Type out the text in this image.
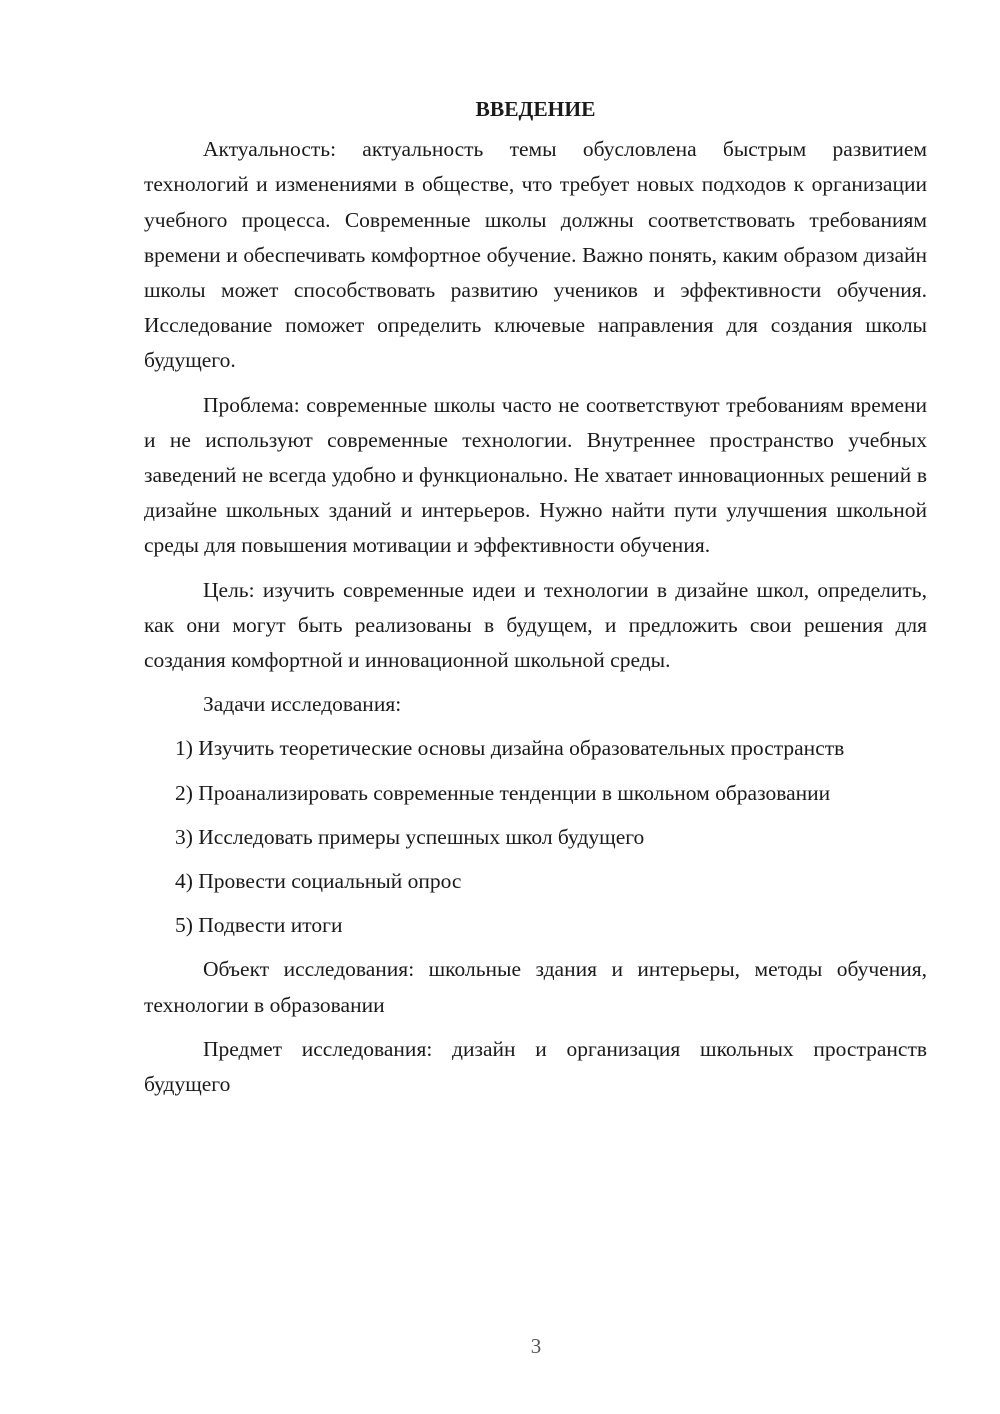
ВВЕДЕНИЕ

Актуальность: актуальность темы обусловлена быстрым развитием технологий и изменениями в обществе, что требует новых подходов к организации учебного процесса. Современные школы должны соответствовать требованиям времени и обеспечивать комфортное обучение. Важно понять, каким образом дизайн школы может способствовать развитию учеников и эффективности обучения. Исследование поможет определить ключевые направления для создания школы будущего.

Проблема: современные школы часто не соответствуют требованиям времени и не используют современные технологии. Внутреннее пространство учебных заведений не всегда удобно и функционально. Не хватает инновационных решений в дизайне школьных зданий и интерьеров. Нужно найти пути улучшения школьной среды для повышения мотивации и эффективности обучения.

Цель: изучить современные идеи и технологии в дизайне школ, определить, как они могут быть реализованы в будущем, и предложить свои решения для создания комфортной и инновационной школьной среды.

Задачи исследования:

1) Изучить теоретические основы дизайна образовательных пространств

2) Проанализировать современные тенденции в школьном образовании

3) Исследовать примеры успешных школ будущего

4) Провести социальный опрос

5) Подвести итоги

Объект исследования: школьные здания и интерьеры, методы обучения, технологии в образовании

Предмет исследования: дизайн и организация школьных пространств будущего

3
